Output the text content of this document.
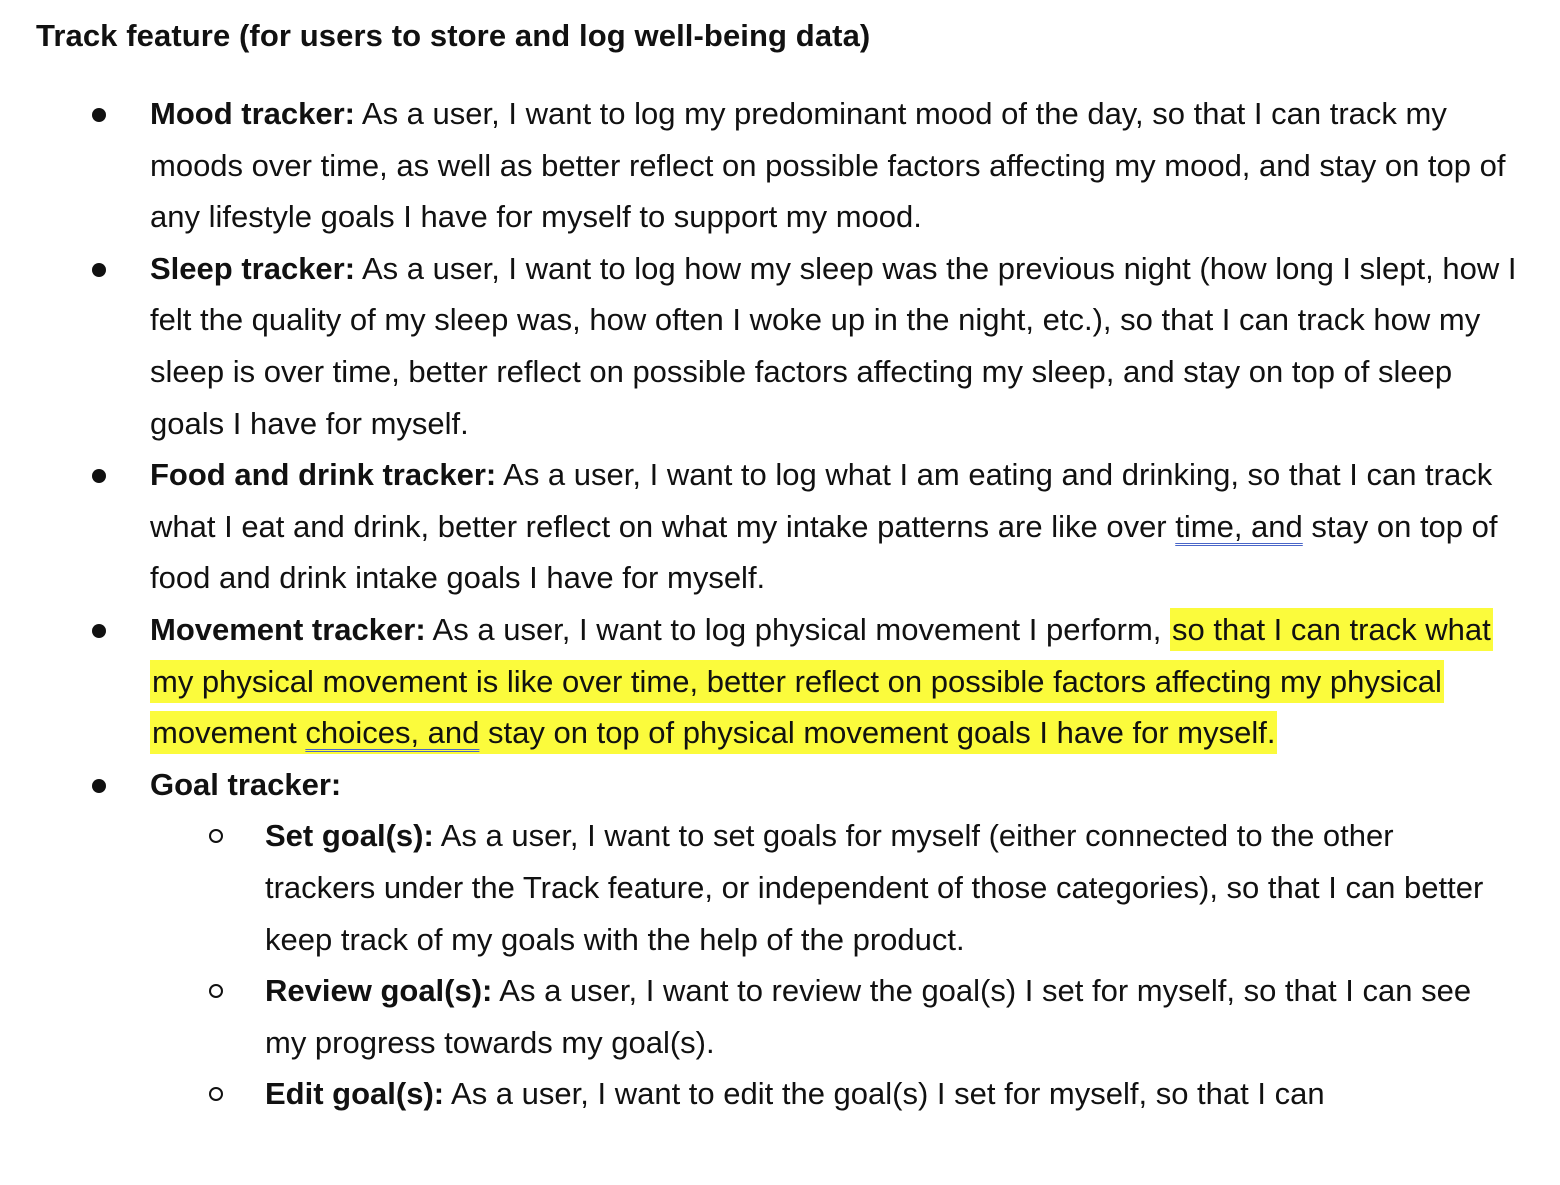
Track feature (for users to store and log well-being data)
Mood tracker: As a user, I want to log my predominant mood of the day, so that I can track my moods over time, as well as better reflect on possible factors affecting my mood, and stay on top of any lifestyle goals I have for myself to support my mood.
Sleep tracker: As a user, I want to log how my sleep was the previous night (how long I slept, how I felt the quality of my sleep was, how often I woke up in the night, etc.), so that I can track how my sleep is over time, better reflect on possible factors affecting my sleep, and stay on top of sleep goals I have for myself.
Food and drink tracker: As a user, I want to log what I am eating and drinking, so that I can track what I eat and drink, better reflect on what my intake patterns are like over time, and stay on top of food and drink intake goals I have for myself.
Movement tracker: As a user, I want to log physical movement I perform, so that I can track what my physical movement is like over time, better reflect on possible factors affecting my physical movement choices, and stay on top of physical movement goals I have for myself.
Goal tracker:
Set goal(s): As a user, I want to set goals for myself (either connected to the other trackers under the Track feature, or independent of those categories), so that I can better keep track of my goals with the help of the product.
Review goal(s): As a user, I want to review the goal(s) I set for myself, so that I can see my progress towards my goal(s).
Edit goal(s): As a user, I want to edit the goal(s) I set for myself, so that I can
